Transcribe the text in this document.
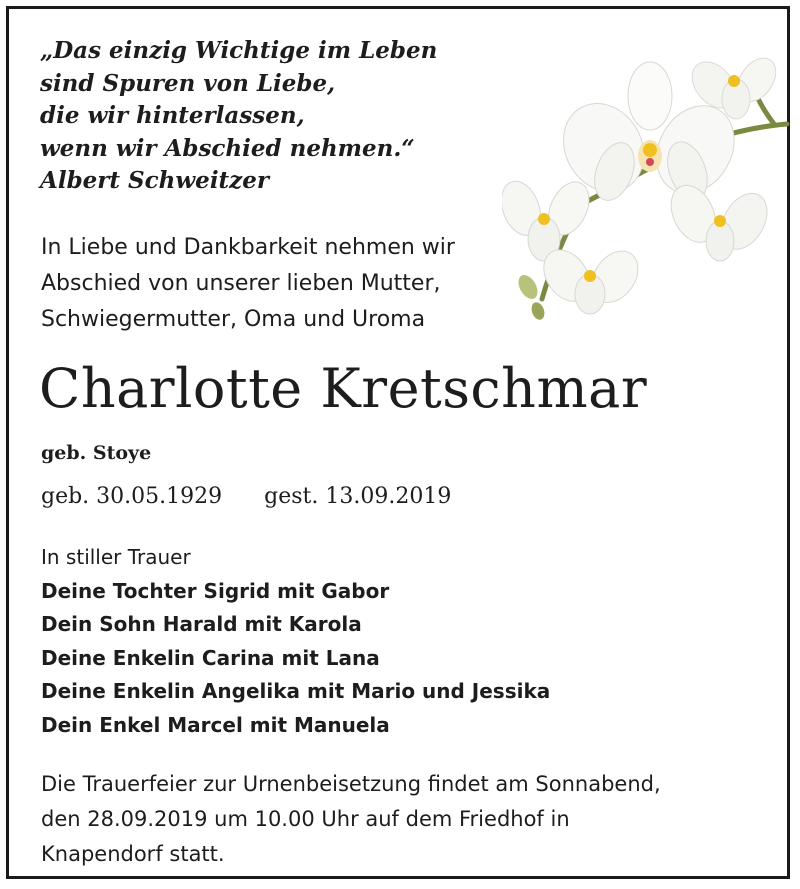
„Das einzig Wichtige im Leben
sind Spuren von Liebe,
die wir hinterlassen,
wenn wir Abschied nehmen.“
Albert Schweitzer
In Liebe und Dankbarkeit nehmen wir
Abschied von unserer lieben Mutter,
Schwiegermutter, Oma und Uroma
Charlotte Kretschmar
geb. Stoye
geb. 30.05.1929 gest. 13.09.2019
In stiller Trauer
Deine Tochter Sigrid mit Gabor
Dein Sohn Harald mit Karola
Deine Enkelin Carina mit Lana
Deine Enkelin Angelika mit Mario und Jessika
Dein Enkel Marcel mit Manuela
Die Trauerfeier zur Urnenbeisetzung findet am Sonnabend,
den 28.09.2019 um 10.00 Uhr auf dem Friedhof in
Knapendorf statt.
